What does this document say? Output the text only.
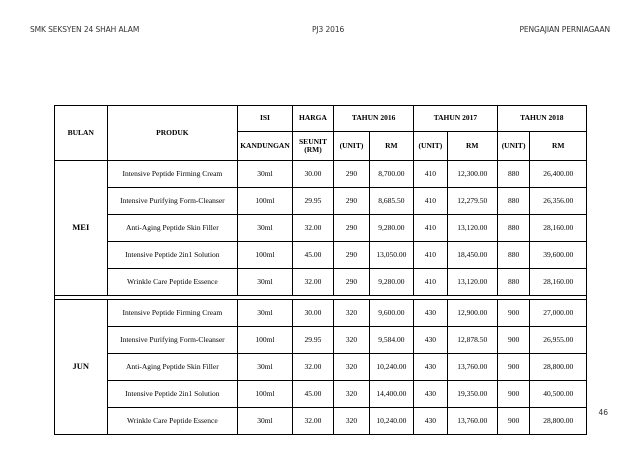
SMK SEKSYEN 24 SHAH ALAM	PJ3 2016	PENGAJIAN PERNIAGAAN
BULAN	PRODUK	ISI	HARGA	TAHUN 2016		TAHUN 2017		TAHUN 2018	
		KANDUNGAN	SEUNIT (RM)	(UNIT)	RM	(UNIT)	RM	(UNIT)	RM
MEI	Intensive Peptide Firming Cream	30ml	30.00	290	8,700.00	410	12,300.00	880	26,400.00
	Intensive Purifying Form-Cleanser	100ml	29.95	290	8,685.50	410	12,279.50	880	26,356.00
	Anti-Aging Peptide Skin Filler	30ml	32.00	290	9,280.00	410	13,120.00	880	28,160.00
	Intensive Peptide 2in1 Solution	100ml	45.00	290	13,050.00	410	18,450.00	880	39,600.00
	Wrinkle Care Peptide Essence	30ml	32.00	290	9,280.00	410	13,120.00	880	28,160.00

JUN	Intensive Peptide Firming Cream	30ml	30.00	320	9,600.00	430	12,900.00	900	27,000.00
	Intensive Purifying Form-Cleanser	100ml	29.95	320	9,584.00	430	12,878.50	900	26,955.00
	Anti-Aging Peptide Skin Filler	30ml	32.00	320	10,240.00	430	13,760.00	900	28,800.00
	Intensive Peptide 2in1 Solution	100ml	45.00	320	14,400.00	430	19,350.00	900	40,500.00
	Wrinkle Care Peptide Essence	30ml	32.00	320	10,240.00	430	13,760.00	900	28,800.00
46
